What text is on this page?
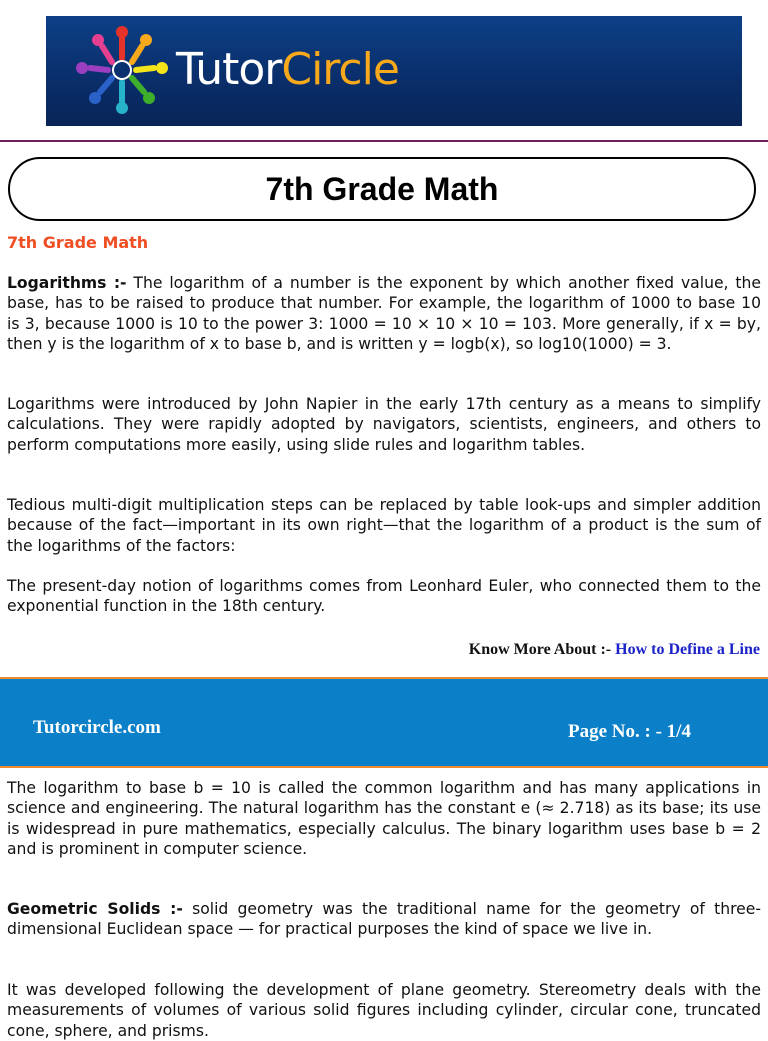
TutorCircle
7th Grade Math
7th Grade Math

Logarithms :- The logarithm of a number is the exponent by which another fixed value, the base, has to be raised to produce that number. For example, the logarithm of 1000 to base 10 is 3, because 1000 is 10 to the power 3: 1000 = 10 × 10 × 10 = 103. More generally, if x = by, then y is the logarithm of x to base b, and is written y = logb(x), so log10(1000) = 3.

Logarithms were introduced by John Napier in the early 17th century as a means to simplify calculations. They were rapidly adopted by navigators, scientists, engineers, and others to perform computations more easily, using slide rules and logarithm tables.
Tedious multi-digit multiplication steps can be replaced by table look-ups and simpler addition because of the fact—important in its own right—that the logarithm of a product is the sum of the logarithms of the factors:
The present-day notion of logarithms comes from Leonhard Euler, who connected them to the exponential function in the 18th century.
Know More About :- How to Define a Line
Tutorcircle.com	Page No. : - 1/4
The logarithm to base b = 10 is called the common logarithm and has many applications in science and engineering. The natural logarithm has the constant e (≈ 2.718) as its base; its use is widespread in pure mathematics, especially calculus. The binary logarithm uses base b = 2 and is prominent in computer science.

Geometric Solids :- solid geometry was the traditional name for the geometry of three-dimensional Euclidean space — for practical purposes the kind of space we live in.

It was developed following the development of plane geometry. Stereometry deals with the measurements of volumes of various solid figures including cylinder, circular cone, truncated cone, sphere, and prisms.
